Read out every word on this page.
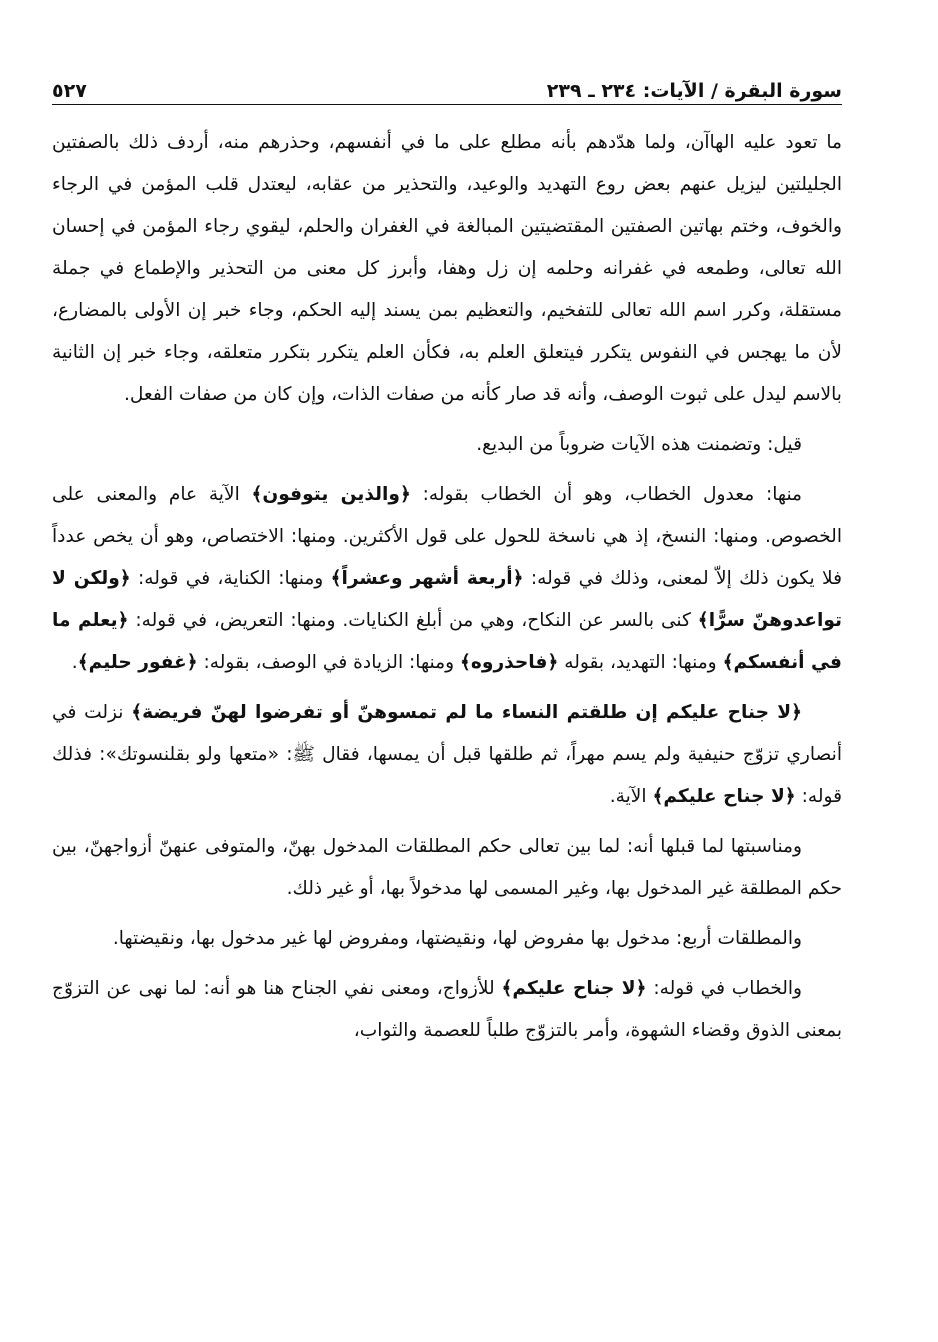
سورة البقرة / الآيات: ٢٣٤ ـ ٢٣٩
٥٢٧

ما تعود عليه الهاآن، ولما هدّدهم بأنه مطلع على ما في أنفسهم، وحذرهم منه، أردف ذلك بالصفتين الجليلتين ليزيل عنهم بعض روع التهديد والوعيد، والتحذير من عقابه، ليعتدل قلب المؤمن في الرجاء والخوف، وختم بهاتين الصفتين المقتضيتين المبالغة في الغفران والحلم، ليقوي رجاء المؤمن في إحسان الله تعالى، وطمعه في غفرانه وحلمه إن زل وهفا، وأبرز كل معنى من التحذير والإطماع في جملة مستقلة، وكرر اسم الله تعالى للتفخيم، والتعظيم بمن يسند إليه الحكم، وجاء خبر إن الأولى بالمضارع، لأن ما يهجس في النفوس يتكرر فيتعلق العلم به، فكأن العلم يتكرر بتكرر متعلقه، وجاء خبر إن الثانية بالاسم ليدل على ثبوت الوصف، وأنه قد صار كأنه من صفات الذات، وإن كان من صفات الفعل.

قيل: وتضمنت هذه الآيات ضروباً من البديع.

منها: معدول الخطاب، وهو أن الخطاب بقوله: ﴿والذين يتوفون﴾ الآية عام والمعنى على الخصوص. ومنها: النسخ، إذ هي ناسخة للحول على قول الأكثرين. ومنها: الاختصاص، وهو أن يخص عدداً فلا يكون ذلك إلاّ لمعنى، وذلك في قوله: ﴿أربعة أشهر وعشراً﴾ ومنها: الكناية، في قوله: ﴿ولكن لا تواعدوهنّ سرًّا﴾ كنى بالسر عن النكاح، وهي من أبلغ الكنايات. ومنها: التعريض، في قوله: ﴿يعلم ما في أنفسكم﴾ ومنها: التهديد، بقوله ﴿فاحذروه﴾ ومنها: الزيادة في الوصف، بقوله: ﴿غفور حليم﴾.

﴿لا جناح عليكم إن طلقتم النساء ما لم تمسوهنّ أو تفرضوا لهنّ فريضة﴾ نزلت في أنصاري تزوّج حنيفية ولم يسم مهراً، ثم طلقها قبل أن يمسها، فقال ﷺ: «متعها ولو بقلنسوتك»: فذلك قوله: ﴿لا جناح عليكم﴾ الآية.

ومناسبتها لما قبلها أنه: لما بين تعالى حكم المطلقات المدخول بهنّ، والمتوفى عنهنّ أزواجهنّ، بين حكم المطلقة غير المدخول بها، وغير المسمى لها مدخولاً بها، أو غير ذلك.

والمطلقات أربع: مدخول بها مفروض لها، ونقيضتها، ومفروض لها غير مدخول بها، ونقيضتها.

والخطاب في قوله: ﴿لا جناح عليكم﴾ للأزواج، ومعنى نفي الجناح هنا هو أنه: لما نهى عن التزوّج بمعنى الذوق وقضاء الشهوة، وأمر بالتزوّج طلباً للعصمة والثواب،
